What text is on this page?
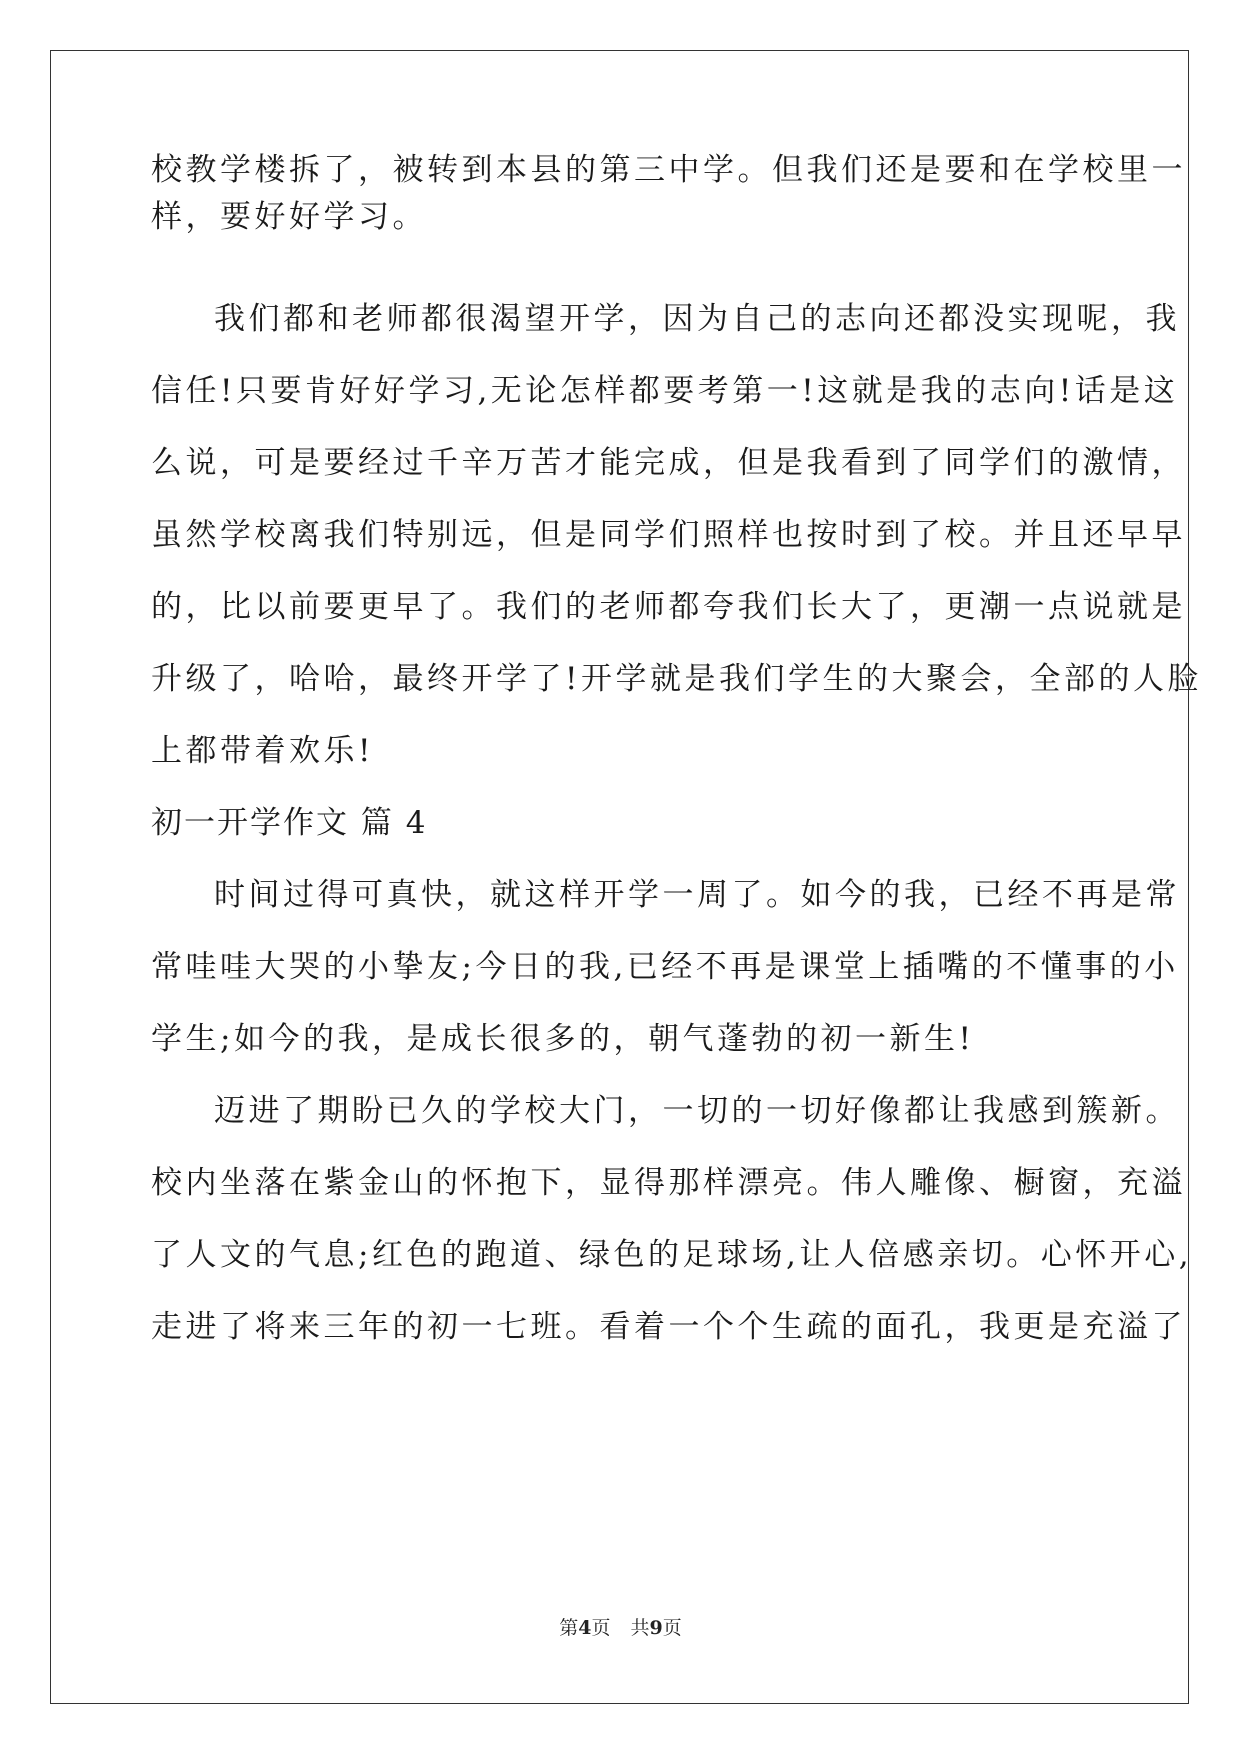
校教学楼拆了，被转到本县的第三中学。但我们还是要和在学校里一
样，要好好学习。
我们都和老师都很渴望开学，因为自己的志向还都没实现呢，我
信任!只要肯好好学习,无论怎样都要考第一!这就是我的志向!话是这
么说，可是要经过千辛万苦才能完成，但是我看到了同学们的激情，
虽然学校离我们特别远，但是同学们照样也按时到了校。并且还早早
的，比以前要更早了。我们的老师都夸我们长大了，更潮一点说就是
升级了，哈哈，最终开学了!开学就是我们学生的大聚会，全部的人脸
上都带着欢乐!
初一开学作文 篇 4
时间过得可真快，就这样开学一周了。如今的我，已经不再是常
常哇哇大哭的小挚友;今日的我,已经不再是课堂上插嘴的不懂事的小
学生;如今的我，是成长很多的，朝气蓬勃的初一新生!
迈进了期盼已久的学校大门，一切的一切好像都让我感到簇新。
校内坐落在紫金山的怀抱下，显得那样漂亮。伟人雕像、橱窗，充溢
了人文的气息;红色的跑道、绿色的足球场,让人倍感亲切。心怀开心,
走进了将来三年的初一七班。看着一个个生疏的面孔，我更是充溢了
第4页 共9页
